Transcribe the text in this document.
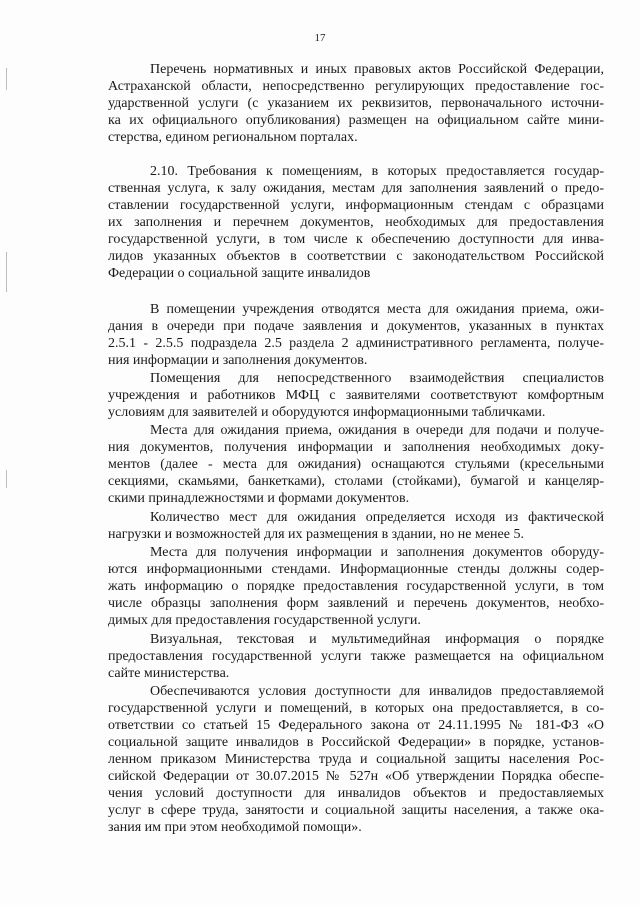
17

Перечень нормативных и иных правовых актов Российской Федерации,
Астраханской области, непосредственно регулирующих предоставление гос-
ударственной услуги (с указанием их реквизитов, первоначального источни-
ка их официального опубликования) размещен на официальном сайте мини-
стерства, едином региональном порталах.

2.10. Требования к помещениям, в которых предоставляется государ-
ственная услуга, к залу ожидания, местам для заполнения заявлений о предо-
ставлении государственной услуги, информационным стендам с образцами
их заполнения и перечнем документов, необходимых для предоставления
государственной услуги, в том числе к обеспечению доступности для инва-
лидов указанных объектов в соответствии с законодательством Российской
Федерации о социальной защите инвалидов

В помещении учреждения отводятся места для ожидания приема, ожи-
дания в очереди при подаче заявления и документов, указанных в пунктах
2.5.1 - 2.5.5 подраздела 2.5 раздела 2 административного регламента, получе-
ния информации и заполнения документов.

Помещения для непосредственного взаимодействия специалистов
учреждения и работников МФЦ с заявителями соответствуют комфортным
условиям для заявителей и оборудуются информационными табличками.

Места для ожидания приема, ожидания в очереди для подачи и получе-
ния документов, получения информации и заполнения необходимых доку-
ментов (далее - места для ожидания) оснащаются стульями (кресельными
секциями, скамьями, банкетками), столами (стойками), бумагой и канцеляр-
скими принадлежностями и формами документов.

Количество мест для ожидания определяется исходя из фактической
нагрузки и возможностей для их размещения в здании, но не менее 5.

Места для получения информации и заполнения документов оборуду-
ются информационными стендами. Информационные стенды должны содер-
жать информацию о порядке предоставления государственной услуги, в том
числе образцы заполнения форм заявлений и перечень документов, необхо-
димых для предоставления государственной услуги.

Визуальная, текстовая и мультимедийная информация о порядке
предоставления государственной услуги также размещается на официальном
сайте министерства.

Обеспечиваются условия доступности для инвалидов предоставляемой
государственной услуги и помещений, в которых она предоставляется, в со-
ответствии со статьей 15 Федерального закона от 24.11.1995 № 181-ФЗ «О
социальной защите инвалидов в Российской Федерации» в порядке, установ-
ленном приказом Министерства труда и социальной защиты населения Рос-
сийской Федерации от 30.07.2015 № 527н «Об утверждении Порядка обеспе-
чения условий доступности для инвалидов объектов и предоставляемых
услуг в сфере труда, занятости и социальной защиты населения, а также ока-
зания им при этом необходимой помощи».
